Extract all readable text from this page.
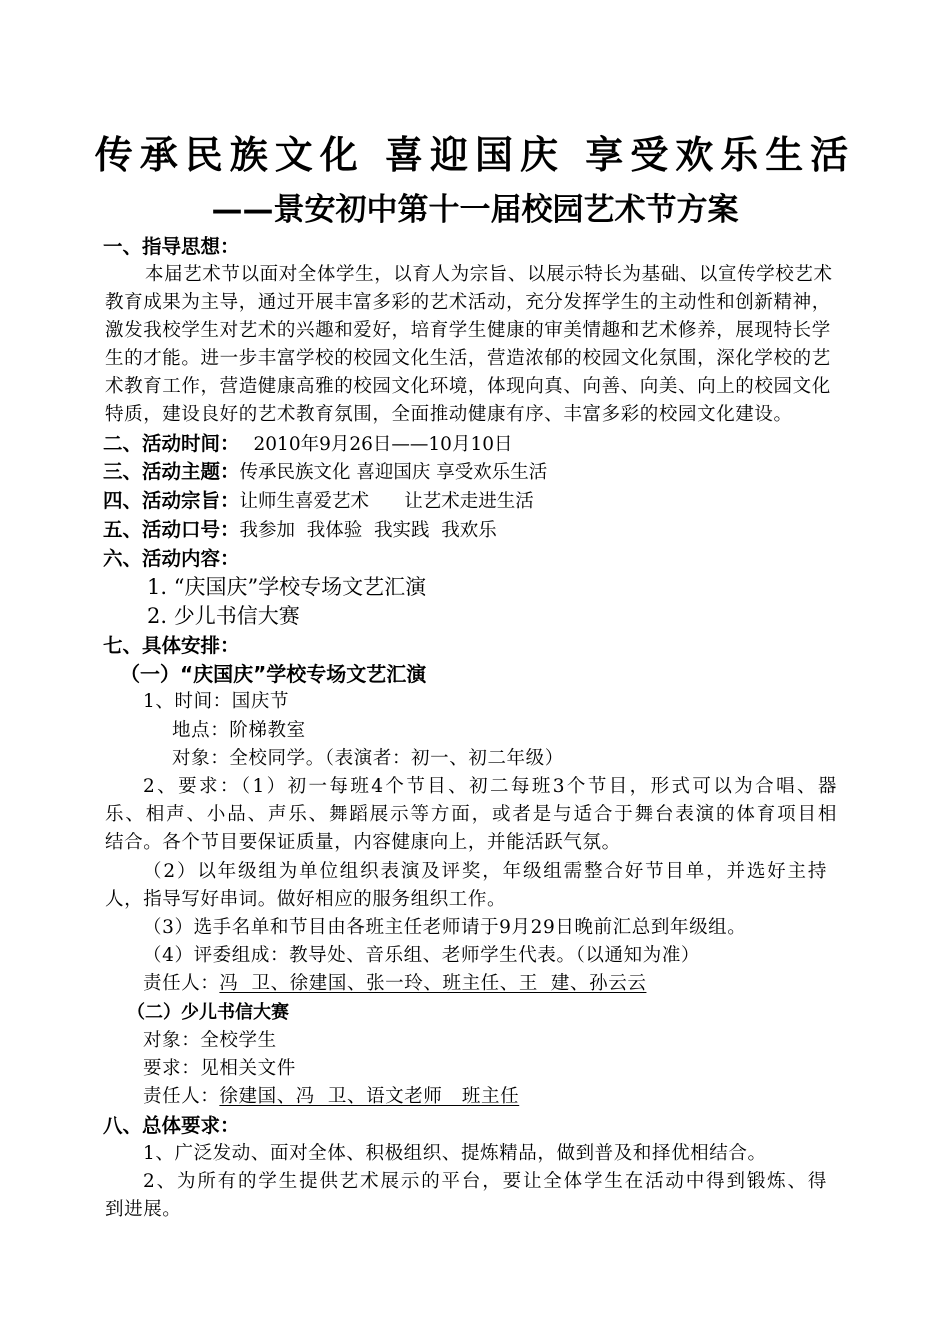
传承民族文化 喜迎国庆 享受欢乐生活
——景安初中第十一届校园艺术节方案
一、指导思想：
本届艺术节以面对全体学生，以育人为宗旨、以展示特长为基础、以宣传学校艺术
教育成果为主导，通过开展丰富多彩的艺术活动，充分发挥学生的主动性和创新精神，
激发我校学生对艺术的兴趣和爱好，培育学生健康的审美情趣和艺术修养，展现特长学
生的才能。进一步丰富学校的校园文化生活，营造浓郁的校园文化氛围，深化学校的艺
术教育工作，营造健康高雅的校园文化环境，体现向真、向善、向美、向上的校园文化
特质，建设良好的艺术教育氛围，全面推动健康有序、丰富多彩的校园文化建设。
二、活动时间： 2010年9月26日——10月10日
三、活动主题：传承民族文化 喜迎国庆 享受欢乐生活
四、活动宗旨：让师生喜爱艺术      让艺术走进生活
五、活动口号：我参加  我体验  我实践  我欢乐
六、活动内容：
1. “庆国庆”学校专场文艺汇演
2. 少儿书信大赛
七、具体安排：
（一）“庆国庆”学校专场文艺汇演
1、时间：国庆节
地点：阶梯教室
对象：全校同学。（表演者：初一、初二年级）
2、要求：（1）初一每班4个节目、初二每班3个节目，形式可以为合唱、器
乐、相声、小品、声乐、舞蹈展示等方面，或者是与适合于舞台表演的体育项目相
结合。各个节目要保证质量，内容健康向上，并能活跃气氛。
（2）以年级组为单位组织表演及评奖，年级组需整合好节目单，并选好主持
人，指导写好串词。做好相应的服务组织工作。
（3）选手名单和节目由各班主任老师请于9月29日晚前汇总到年级组。
（4）评委组成：教导处、音乐组、老师学生代表。（以通知为准）
责任人：冯  卫、徐建国、张一玲、班主任、王  建、孙云云
（二）少儿书信大赛
对象：全校学生
要求：见相关文件
责任人：徐建国、冯  卫、语文老师   班主任
八、总体要求：
1、广泛发动、面对全体、积极组织、提炼精品，做到普及和择优相结合。
2、为所有的学生提供艺术展示的平台，要让全体学生在活动中得到锻炼、得
到进展。
